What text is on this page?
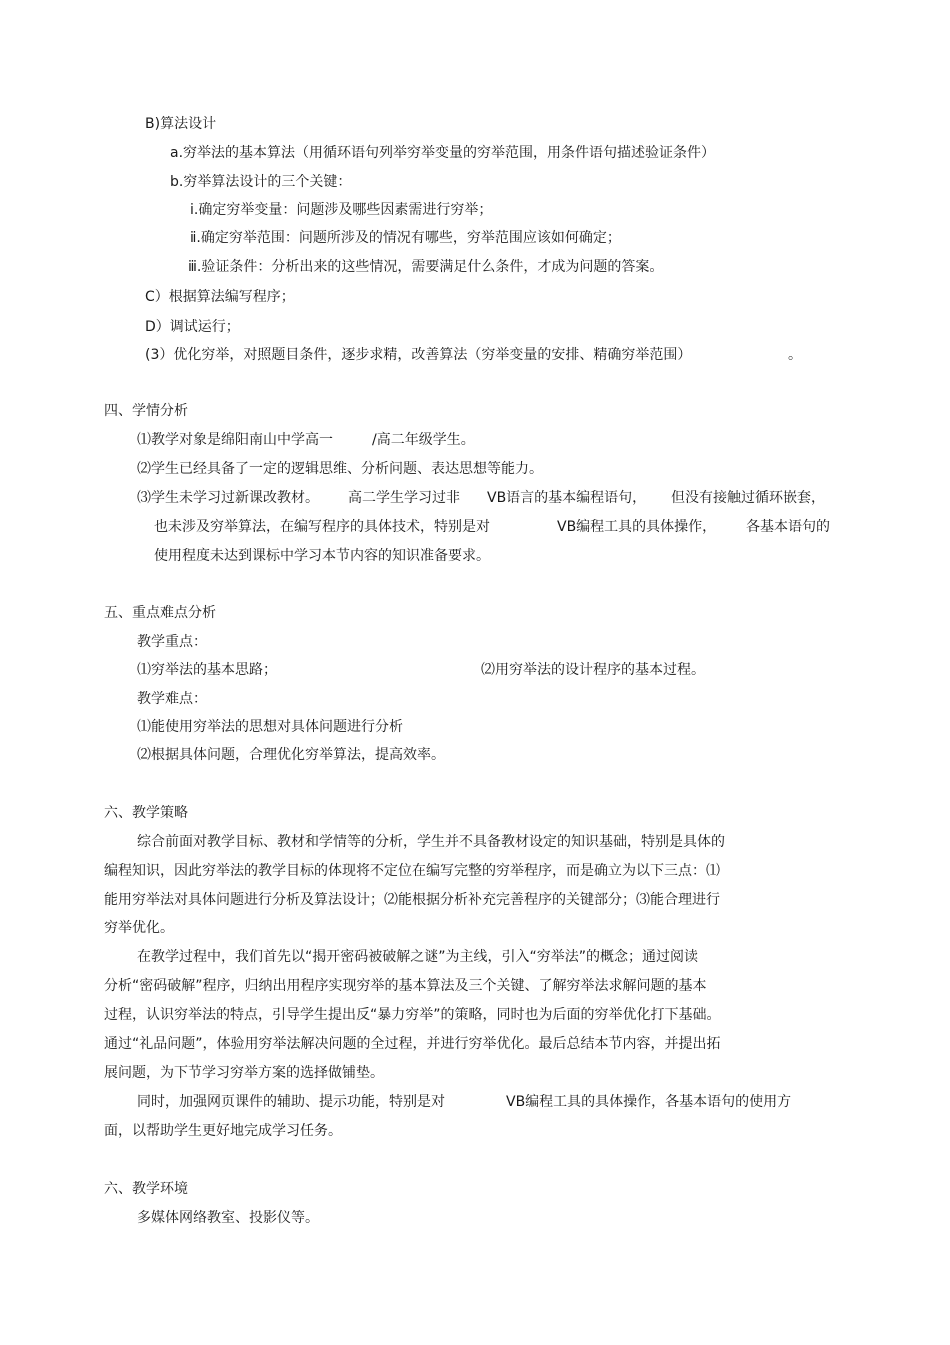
B)算法设计
a.穷举法的基本算法（用循环语句列举穷举变量的穷举范围，用条件语句描述验证条件）
b.穷举算法设计的三个关键：
ⅰ.确定穷举变量：问题涉及哪些因素需进行穷举；
ⅱ.确定穷举范围：问题所涉及的情况有哪些，穷举范围应该如何确定；
ⅲ.验证条件：分析出来的这些情况，需要满足什么条件，才成为问题的答案。
C）根据算法编写程序；
D）调试运行；
(3）优化穷举，对照题目条件，逐步求精，改善算法（穷举变量的安排、精确穷举范围）	。
四、学情分析
⑴教学对象是绵阳南山中学高一	/高二年级学生。
⑵学生已经具备了一定的逻辑思维、分析问题、表达思想等能力。
⑶学生未学习过新课改教材。 高二学生学习过非 VB语言的基本编程语句， 但没有接触过循环嵌套，
也未涉及穷举算法，在编写程序的具体技术，特别是对	VB编程工具的具体操作， 各基本语句的
使用程度未达到课标中学习本节内容的知识准备要求。
五、重点难点分析
教学重点：
⑴穷举法的基本思路；	⑵用穷举法的设计程序的基本过程。
教学难点：
⑴能使用穷举法的思想对具体问题进行分析
⑵根据具体问题，合理优化穷举算法，提高效率。
六、教学策略
综合前面对教学目标、教材和学情等的分析，学生并不具备教材设定的知识基础，特别是具体的
编程知识，因此穷举法的教学目标的体现将不定位在编写完整的穷举程序，而是确立为以下三点：⑴
能用穷举法对具体问题进行分析及算法设计；⑵能根据分析补充完善程序的关键部分；⑶能合理进行
穷举优化。
在教学过程中，我们首先以“揭开密码被破解之谜”为主线，引入“穷举法”的概念；通过阅读
分析“密码破解”程序，归纳出用程序实现穷举的基本算法及三个关键、了解穷举法求解问题的基本
过程，认识穷举法的特点，引导学生提出反“暴力穷举”的策略，同时也为后面的穷举优化打下基础。
通过“礼品问题”，体验用穷举法解决问题的全过程，并进行穷举优化。最后总结本节内容，并提出拓
展问题，为下节学习穷举方案的选择做铺垫。
同时，加强网页课件的辅助、提示功能，特别是对	VB编程工具的具体操作，各基本语句的使用方
面，以帮助学生更好地完成学习任务。
六、教学环境
多媒体网络教室、投影仪等。
